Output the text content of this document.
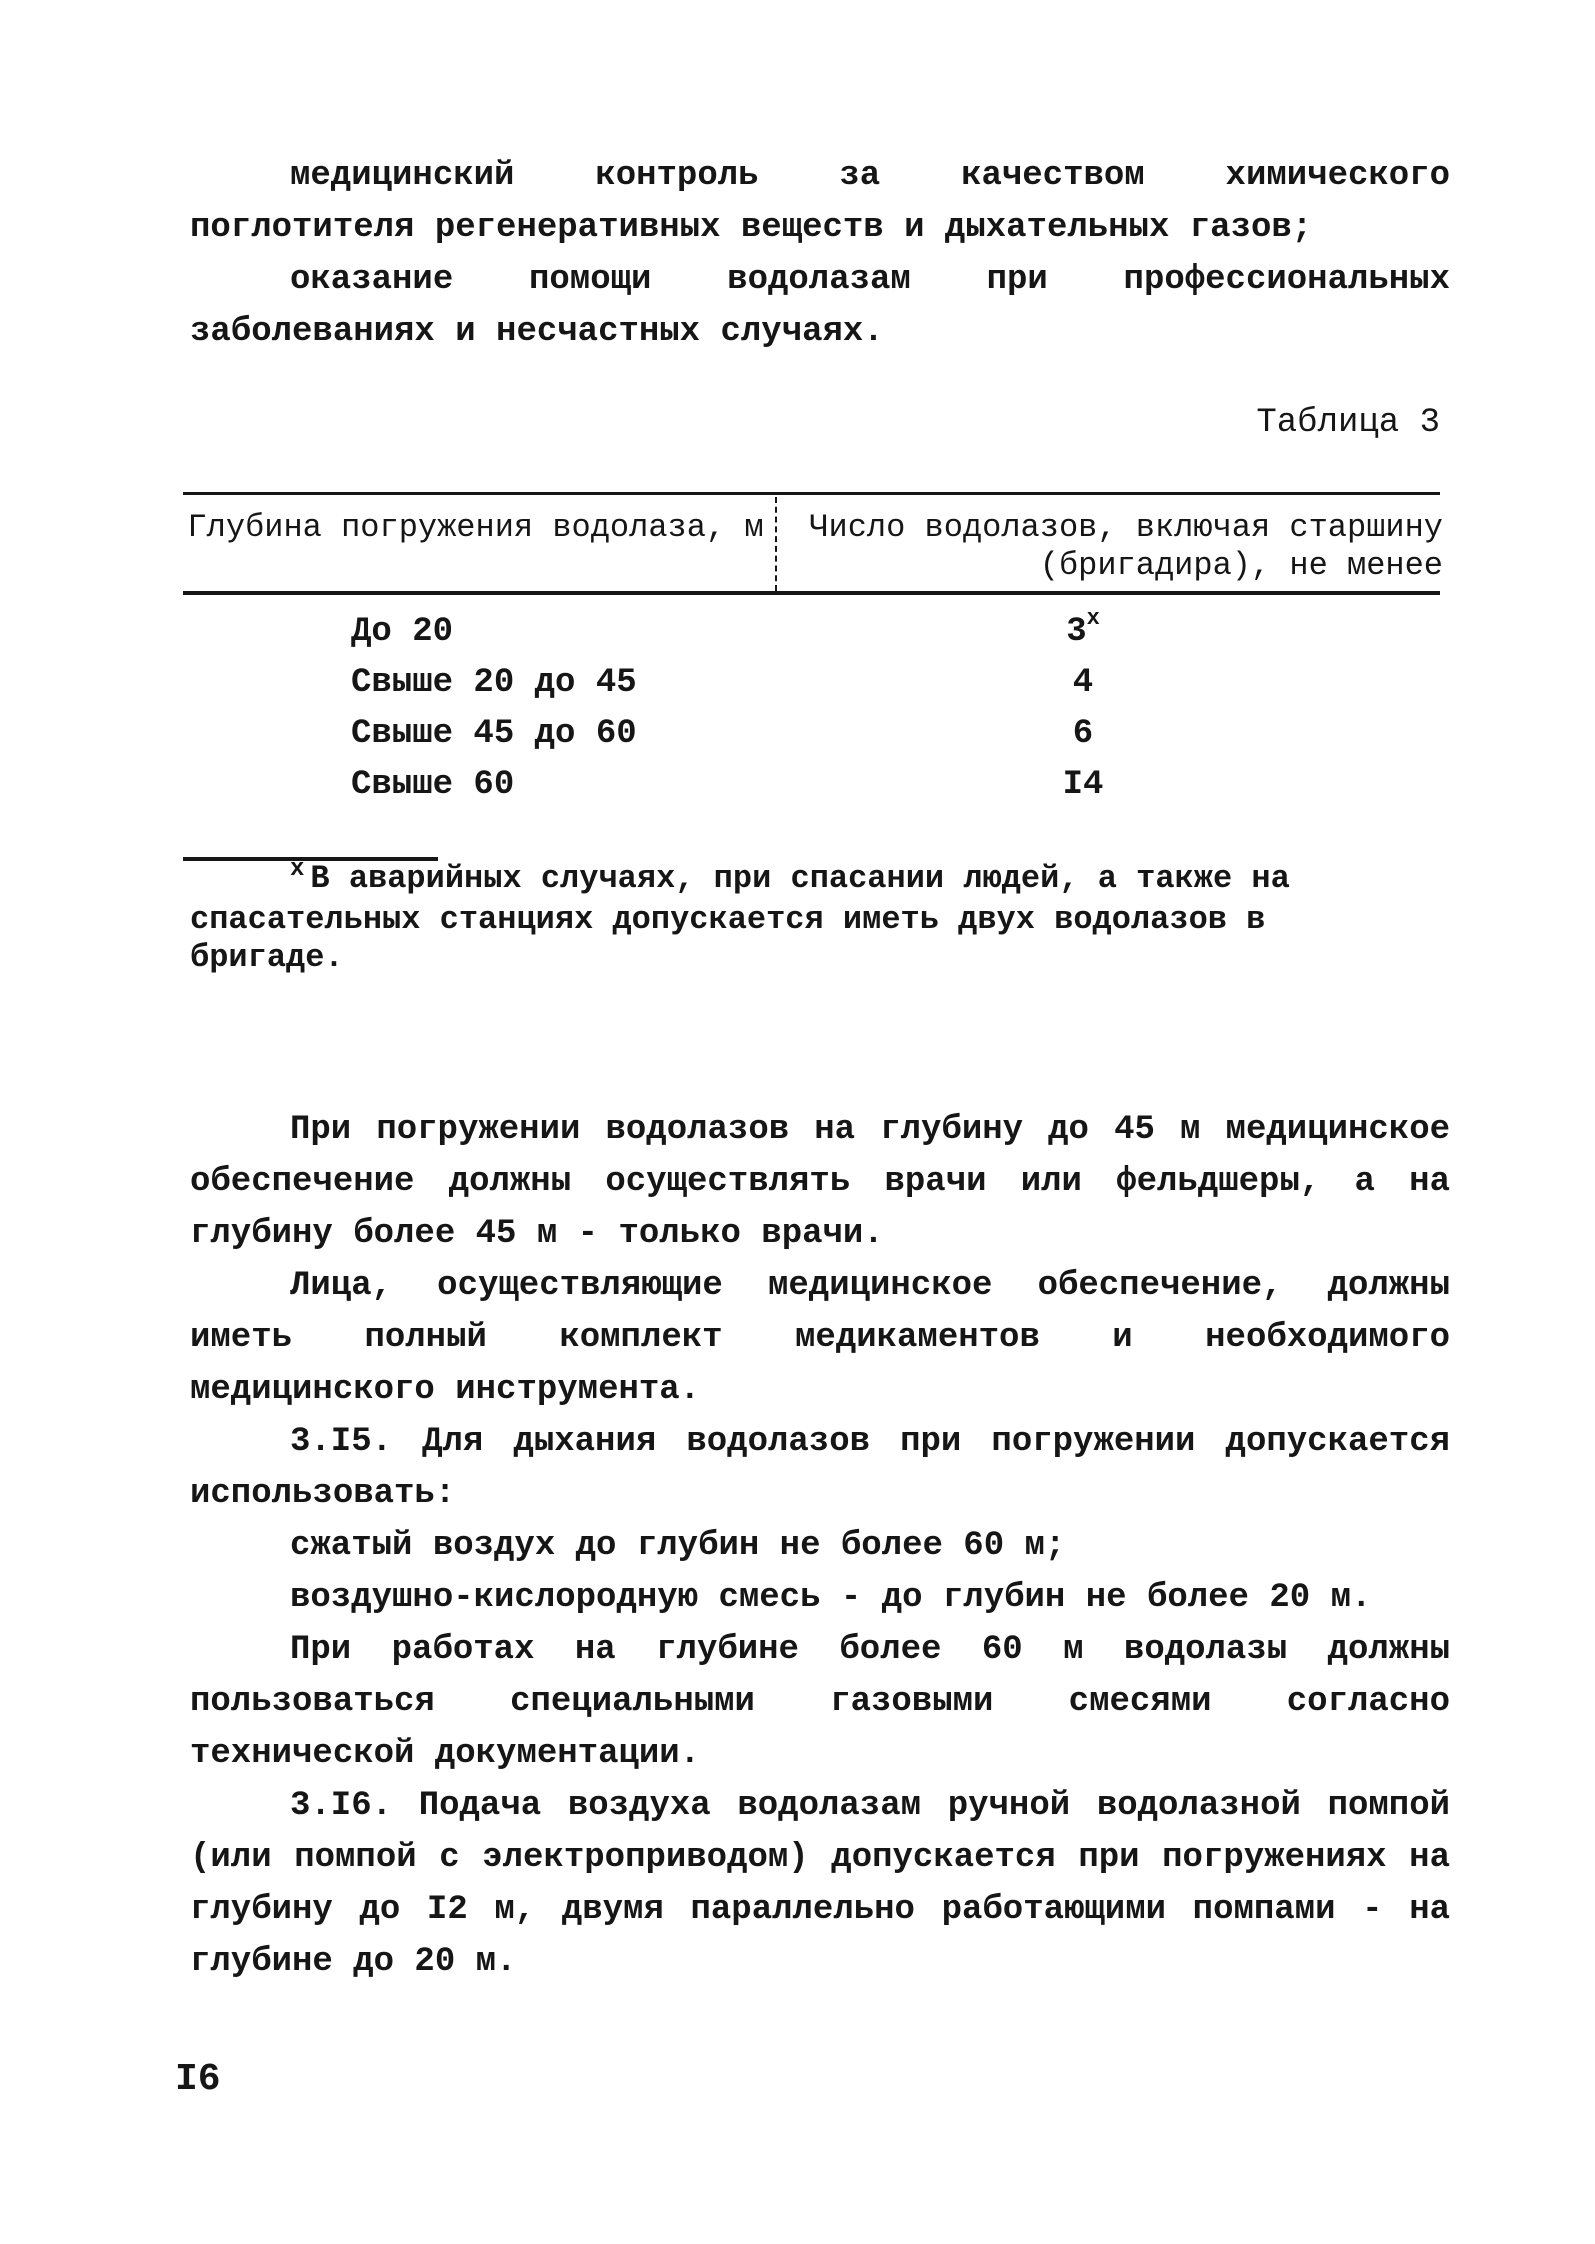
медицинский контроль за качеством химического поглотителя регенеративных веществ и дыхательных газов;

оказание помощи водолазам при профессиональных заболеваниях и несчастных случаях.

Таблица 3
Глубина погружения водолаза, м	Число водолазов, включая старшину (бригадира), не менее
До 20	3$^x$
Свыше 20 до 45	4
Свыше 45 до 60	6
Свыше 60	I4
$^x$ В аварийных случаях, при спасании людей, а также на спасательных станциях допускается иметь двух водолазов в бригаде.

При погружении водолазов на глубину до 45 м медицинское обеспечение должны осуществлять врачи или фельдшеры, а на глубину более 45 м - только врачи.

Лица, осуществляющие медицинское обеспечение, должны иметь полный комплект медикаментов и необходимого медицинского инструмента.

3.I5. Для дыхания водолазов при погружении допускается использовать:

сжатый воздух до глубин не более 60 м;

воздушно-кислородную смесь - до глубин не более 20 м.

При работах на глубине более 60 м водолазы должны пользоваться специальными газовыми смесями согласно технической документации.

3.I6. Подача воздуха водолазам ручной водолазной помпой (или помпой с электроприводом) допускается при погружениях на глубину до I2 м, двумя параллельно работающими помпами - на глубине до 20 м.

I6
